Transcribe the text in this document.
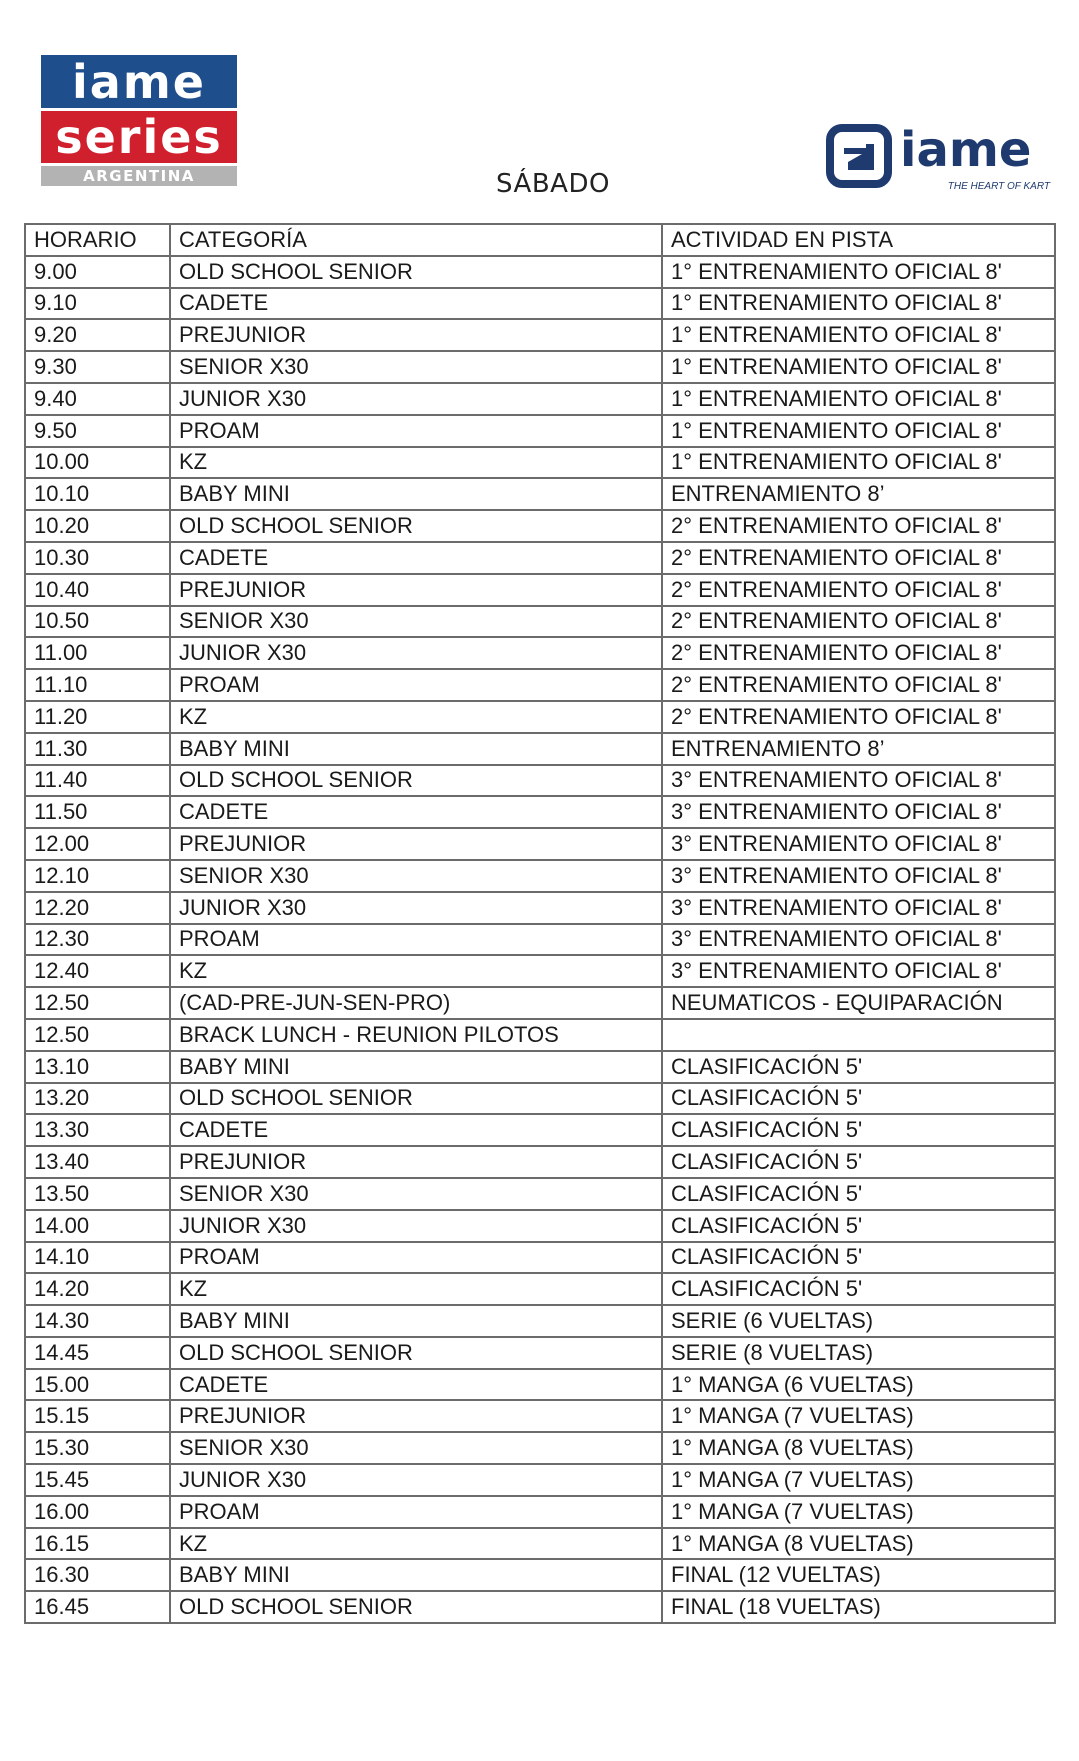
iame
series
ARGENTINA	SÁBADO
iame
THE HEART OF KART
HORARIO	CATEGORÍA	ACTIVIDAD EN PISTA
9.00	OLD SCHOOL SENIOR	1° ENTRENAMIENTO OFICIAL 8'
9.10	CADETE	1° ENTRENAMIENTO OFICIAL 8'
9.20	PREJUNIOR	1° ENTRENAMIENTO OFICIAL 8'
9.30	SENIOR X30	1° ENTRENAMIENTO OFICIAL 8'
9.40	JUNIOR X30	1° ENTRENAMIENTO OFICIAL 8'
9.50	PROAM	1° ENTRENAMIENTO OFICIAL 8'
10.00	KZ	1° ENTRENAMIENTO OFICIAL 8'
10.10	BABY MINI	ENTRENAMIENTO 8’
10.20	OLD SCHOOL SENIOR	2° ENTRENAMIENTO OFICIAL 8'
10.30	CADETE	2° ENTRENAMIENTO OFICIAL 8'
10.40	PREJUNIOR	2° ENTRENAMIENTO OFICIAL 8'
10.50	SENIOR X30	2° ENTRENAMIENTO OFICIAL 8'
11.00	JUNIOR X30	2° ENTRENAMIENTO OFICIAL 8'
11.10	PROAM	2° ENTRENAMIENTO OFICIAL 8'
11.20	KZ	2° ENTRENAMIENTO OFICIAL 8'
11.30	BABY MINI	ENTRENAMIENTO 8’
11.40	OLD SCHOOL SENIOR	3° ENTRENAMIENTO OFICIAL 8'
11.50	CADETE	3° ENTRENAMIENTO OFICIAL 8'
12.00	PREJUNIOR	3° ENTRENAMIENTO OFICIAL 8'
12.10	SENIOR X30	3° ENTRENAMIENTO OFICIAL 8'
12.20	JUNIOR X30	3° ENTRENAMIENTO OFICIAL 8'
12.30	PROAM	3° ENTRENAMIENTO OFICIAL 8'
12.40	KZ	3° ENTRENAMIENTO OFICIAL 8'
12.50	(CAD-PRE-JUN-SEN-PRO)	NEUMATICOS - EQUIPARACIÓN
12.50	BRACK LUNCH - REUNION PILOTOS	
13.10	BABY MINI	CLASIFICACIÓN 5'
13.20	OLD SCHOOL SENIOR	CLASIFICACIÓN 5'
13.30	CADETE	CLASIFICACIÓN 5'
13.40	PREJUNIOR	CLASIFICACIÓN 5'
13.50	SENIOR X30	CLASIFICACIÓN 5'
14.00	JUNIOR X30	CLASIFICACIÓN 5'
14.10	PROAM	CLASIFICACIÓN 5'
14.20	KZ	CLASIFICACIÓN 5'
14.30	BABY MINI	SERIE (6 VUELTAS)
14.45	OLD SCHOOL SENIOR	SERIE (8 VUELTAS)
15.00	CADETE	1° MANGA (6 VUELTAS)
15.15	PREJUNIOR	1° MANGA (7 VUELTAS)
15.30	SENIOR X30	1° MANGA (8 VUELTAS)
15.45	JUNIOR X30	1° MANGA (7 VUELTAS)
16.00	PROAM	1° MANGA (7 VUELTAS)
16.15	KZ	1° MANGA (8 VUELTAS)
16.30	BABY MINI	FINAL (12 VUELTAS)
16.45	OLD SCHOOL SENIOR	FINAL (18 VUELTAS)
